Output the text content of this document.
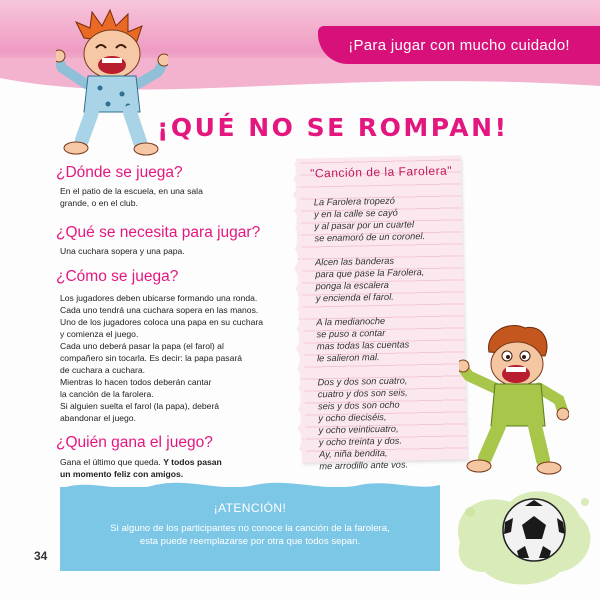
¡Para jugar con mucho cuidado!
¡QUÉ NO SE ROMPAN!
¿Dónde se juega?

En el patio de la escuela, en una sala

grande, o en el club.

¿Qué se necesita para jugar?

Una cuchara sopera y una papa.

¿Cómo se juega?

Los jugadores deben ubicarse formando una ronda.

Cada uno tendrá una cuchara sopera en las manos.

Uno de los jugadores coloca una papa en su cuchara

y comienza el juego.

Cada uno deberá pasar la papa (el farol) al

compañero sin tocarla. Es decir: la papa pasará

de cuchara a cuchara.

Mientras lo hacen todos deberán cantar

la canción de la farolera.

Si alguien suelta el farol (la papa), deberá

abandonar el juego.

¿Quién gana el juego?

Gana el último que queda. Y todos pasan

un momento feliz con amigos.

"Canción de la Farolera"
La Farolera tropezó
y en la calle se cayó
y al pasar por un cuartel
se enamoró de un coronel.
Alcen las banderas
para que pase la Farolera,
ponga la escalera
y encienda el farol.
A la medianoche
se puso a contar
mas todas las cuentas
le salieron mal.
Dos y dos son cuatro,
cuatro y dos son seis,
seis y dos son ocho
y ocho dieciséis,
y ocho veinticuatro,
y ocho treinta y dos.
Ay, niña bendita,
me arrodillo ante vos.
¡ATENCIÓN!
Si alguno de los participantes no conoce la canción de la farolera,
esta puede reemplazarse por otra que todos sepan.
34
